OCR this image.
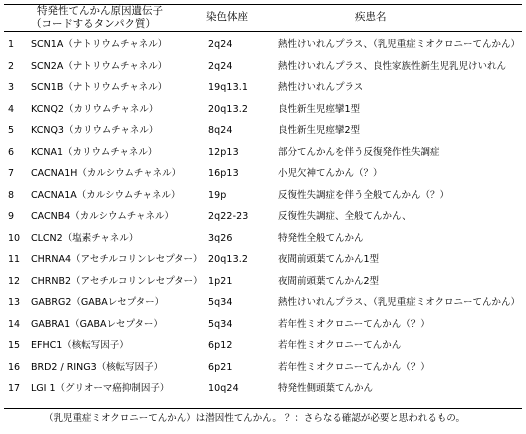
特発性てんかん原因遺伝子
（コードするタンパク質）
染色体座	疾患名
1	SCN1A（ナトリウムチャネル）	2q24	熱性けいれんプラス、（乳児重症ミオクロニーてんかん）
2	SCN2A（ナトリウムチャネル）	2q24	熱性けいれんプラス、良性家族性新生児乳児けいれん
3	SCN1B（ナトリウムチャネル）	19q13.1	熱性けいれんプラス
4	KCNQ2（カリウムチャネル）	20q13.2	良性新生児痙攣1型
5	KCNQ3（カリウムチャネル）	8q24	良性新生児痙攣2型
6	KCNA1（カリウムチャネル）	12p13	部分てんかんを伴う反復発作性失調症
7	CACNA1H（カルシウムチャネル）	16p13	小児欠神てんかん（？）
8	CACNA1A（カルシウムチャネル）	19p	反復性失調症を伴う全般てんかん（？）
9	CACNB4（カルシウムチャネル）	2q22-23	反復性失調症、全般てんかん、
10 CLCN2（塩素チャネル）	3q26	特発性全般てんかん
11 CHRNA4（アセチルコリンレセプター） 20q13.2	夜間前頭葉てんかん1型
12 CHRNB2（アセチルコリンレセプター） 1p21	夜間前頭葉てんかん2型
13 GABRG2（GABAレセプター）	5q34	熱性けいれんプラス、（乳児重症ミオクロニーてんかん）
14 GABRA1（GABAレセプター）	5q34	若年性ミオクロニーてんかん（？）
15 EFHC1（核転写因子）	6p12	若年性ミオクロニーてんかん
16 BRD2 / RING3（核転写因子）	6p21	若年性ミオクロニーてんかん（？）
17 LGI 1（グリオーマ癌抑制因子）	10q24	特発性側頭葉てんかん
（乳児重症ミオクロニーてんかん）は潜因性てんかん。 ？：さらなる確認が必要と思われるもの。
